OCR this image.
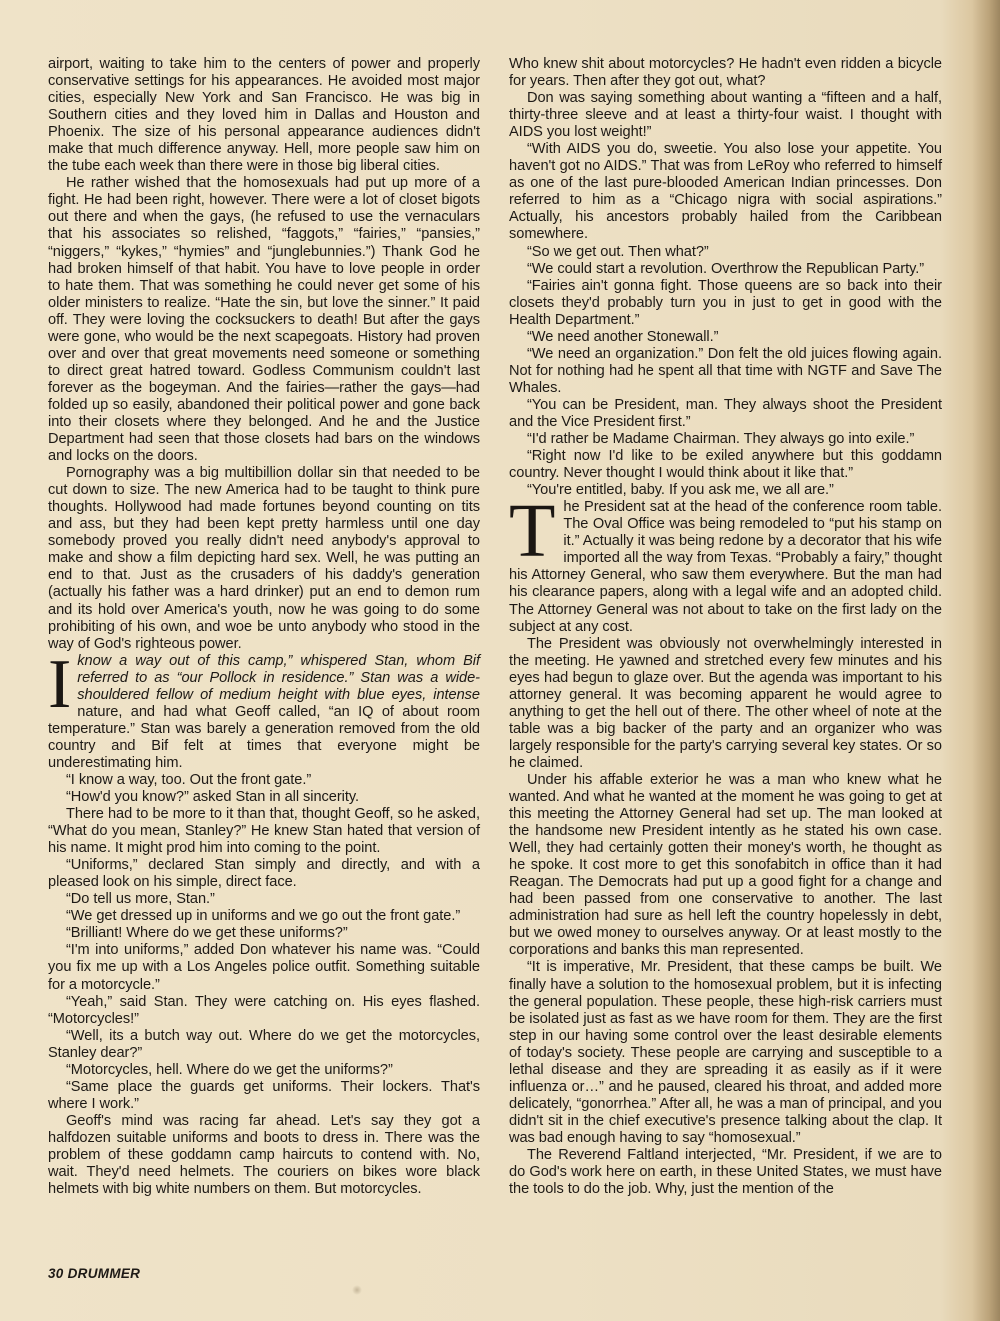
airport, waiting to take him to the centers of power and properly conservative settings for his appearances. He avoided most major cities, especially New York and San Francisco. He was big in Southern cities and they loved him in Dallas and Houston and Phoenix. The size of his personal appearance audiences didn't make that much difference anyway. Hell, more people saw him on the tube each week than there were in those big liberal cities.

He rather wished that the homosexuals had put up more of a fight. He had been right, however. There were a lot of closet bigots out there and when the gays, (he refused to use the vernaculars that his associates so relished, “faggots,” “fairies,” “pansies,” “niggers,” “kykes,” “hymies” and “junglebunnies.”) Thank God he had broken himself of that habit. You have to love people in order to hate them. That was something he could never get some of his older ministers to realize. “Hate the sin, but love the sinner.” It paid off. They were loving the cocksuckers to death! But after the gays were gone, who would be the next scapegoats. History had proven over and over that great movements need someone or something to direct great hatred toward. Godless Communism couldn't last forever as the bogeyman. And the fairies—rather the gays—had folded up so easily, abandoned their political power and gone back into their closets where they belonged. And he and the Justice Department had seen that those closets had bars on the windows and locks on the doors.

Pornography was a big multibillion dollar sin that needed to be cut down to size. The new America had to be taught to think pure thoughts. Hollywood had made fortunes beyond counting on tits and ass, but they had been kept pretty harmless until one day somebody proved you really didn't need anybody's approval to make and show a film depicting hard sex. Well, he was putting an end to that. Just as the crusaders of his daddy's generation (actually his father was a hard drinker) put an end to demon rum and its hold over America's youth, now he was going to do some prohibiting of his own, and woe be unto anybody who stood in the way of God's righteous power.

Iknow a way out of this camp,” whispered Stan, whom Bif referred to as “our Pollock in residence.” Stan was a wide-shouldered fellow of medium height with blue eyes, intense nature, and had what Geoff called, “an IQ of about room temperature.” Stan was barely a generation removed from the old country and Bif felt at times that everyone might be underestimating him.

“I know a way, too. Out the front gate.”

“How'd you know?” asked Stan in all sincerity.

There had to be more to it than that, thought Geoff, so he asked, “What do you mean, Stanley?” He knew Stan hated that version of his name. It might prod him into coming to the point.

“Uniforms,” declared Stan simply and directly, and with a pleased look on his simple, direct face.

“Do tell us more, Stan.”

“We get dressed up in uniforms and we go out the front gate.”

“Brilliant! Where do we get these uniforms?”

“I'm into uniforms,” added Don whatever his name was. “Could you fix me up with a Los Angeles police outfit. Something suitable for a motorcycle.”

“Yeah,” said Stan. They were catching on. His eyes flashed. “Motorcycles!”

“Well, its a butch way out. Where do we get the motorcycles, Stanley dear?”

“Motorcycles, hell. Where do we get the uniforms?”

“Same place the guards get uniforms. Their lockers. That's where I work.”

Geoff's mind was racing far ahead. Let's say they got a halfdozen suitable uniforms and boots to dress in. There was the problem of these goddamn camp haircuts to contend with. No, wait. They'd need helmets. The couriers on bikes wore black helmets with big white numbers on them. But motorcycles.

Who knew shit about motorcycles? He hadn't even ridden a bicycle for years. Then after they got out, what?

Don was saying something about wanting a “fifteen and a half, thirty-three sleeve and at least a thirty-four waist. I thought with AIDS you lost weight!”

“With AIDS you do, sweetie. You also lose your appetite. You haven't got no AIDS.” That was from LeRoy who referred to himself as one of the last pure-blooded American Indian princesses. Don referred to him as a “Chicago nigra with social aspirations.” Actually, his ancestors probably hailed from the Caribbean somewhere.

“So we get out. Then what?”

“We could start a revolution. Overthrow the Republican Party.”

“Fairies ain't gonna fight. Those queens are so back into their closets they'd probably turn you in just to get in good with the Health Department.”

“We need another Stonewall.”

“We need an organization.” Don felt the old juices flowing again. Not for nothing had he spent all that time with NGTF and Save The Whales.

“You can be President, man. They always shoot the President and the Vice President first.”

“I'd rather be Madame Chairman. They always go into exile.”

“Right now I'd like to be exiled anywhere but this goddamn country. Never thought I would think about it like that.”

“You're entitled, baby. If you ask me, we all are.”

The President sat at the head of the conference room table. The Oval Office was being remodeled to “put his stamp on it.” Actually it was being redone by a decorator that his wife imported all the way from Texas. “Probably a fairy,” thought his Attorney General, who saw them everywhere. But the man had his clearance papers, along with a legal wife and an adopted child. The Attorney General was not about to take on the first lady on the subject at any cost.

The President was obviously not overwhelmingly interested in the meeting. He yawned and stretched every few minutes and his eyes had begun to glaze over. But the agenda was important to his attorney general. It was becoming apparent he would agree to anything to get the hell out of there. The other wheel of note at the table was a big backer of the party and an organizer who was largely responsible for the party's carrying several key states. Or so he claimed.

Under his affable exterior he was a man who knew what he wanted. And what he wanted at the moment he was going to get at this meeting the Attorney General had set up. The man looked at the handsome new President intently as he stated his own case. Well, they had certainly gotten their money's worth, he thought as he spoke. It cost more to get this sonofabitch in office than it had Reagan. The Democrats had put up a good fight for a change and had been passed from one conservative to another. The last administration had sure as hell left the country hopelessly in debt, but we owed money to ourselves anyway. Or at least mostly to the corporations and banks this man represented.

“It is imperative, Mr. President, that these camps be built. We finally have a solution to the homosexual problem, but it is infecting the general population. These people, these high-risk carriers must be isolated just as fast as we have room for them. They are the first step in our having some control over the least desirable elements of today's society. These people are carrying and susceptible to a lethal disease and they are spreading it as easily as if it were influenza or…” and he paused, cleared his throat, and added more delicately, “gonorrhea.” After all, he was a man of principal, and you didn't sit in the chief executive's presence talking about the clap. It was bad enough having to say “homosexual.”

The Reverend Faltland interjected, “Mr. President, if we are to do God's work here on earth, in these United States, we must have the tools to do the job. Why, just the mention of the

30 DRUMMER
